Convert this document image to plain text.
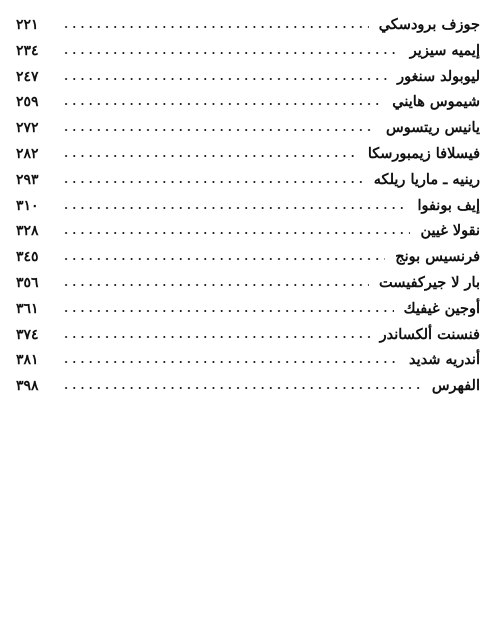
٢٢١	جوزف برودسكي
٢٣٤	إيميه سيزير
٢٤٧	ليوبولد سنغور
٢٥٩	شيموس هايني
٢٧٢	يانيس ريتسوس
٢٨٢	فيسلافا زيمبورسكا
٢٩٣	رينيه ـ ماريا ريلكه
٣١٠	إيف بونفوا
٣٢٨	نقولا غيين
٣٤٥	فرنسيس بونج
٣٥٦	بار لا جيركفيست
٣٦١	أوجين غيفيك
٣٧٤	فنسنت ألكساندر
٣٨١	أندريه شديد
٣٩٨	الفهرس
